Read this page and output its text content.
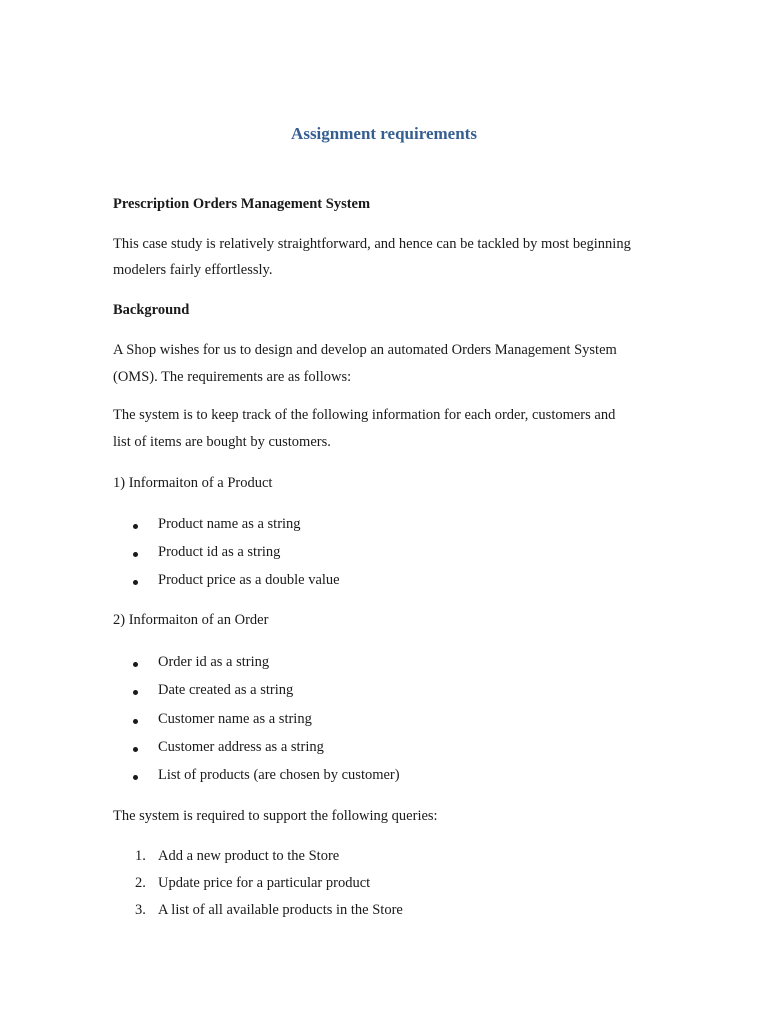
Assignment requirements
Prescription Orders Management System
This case study is relatively straightforward, and hence can be tackled by most beginning
modelers fairly effortlessly.
Background
A Shop wishes for us to design and develop an automated Orders Management System
(OMS). The requirements are as follows:
The system is to keep track of the following information for each order, customers and
list of items are bought by customers.
1) Informaiton of a Product
Product name as a string
Product id as a string
Product price as a double value
2) Informaiton of an Order
Order id as a string
Date created as a string
Customer name as a string
Customer address as a string
List of products (are chosen by customer)
The system is required to support the following queries:
1. Add a new product to the Store
2. Update price for a particular product
3. A list of all available products in the Store
